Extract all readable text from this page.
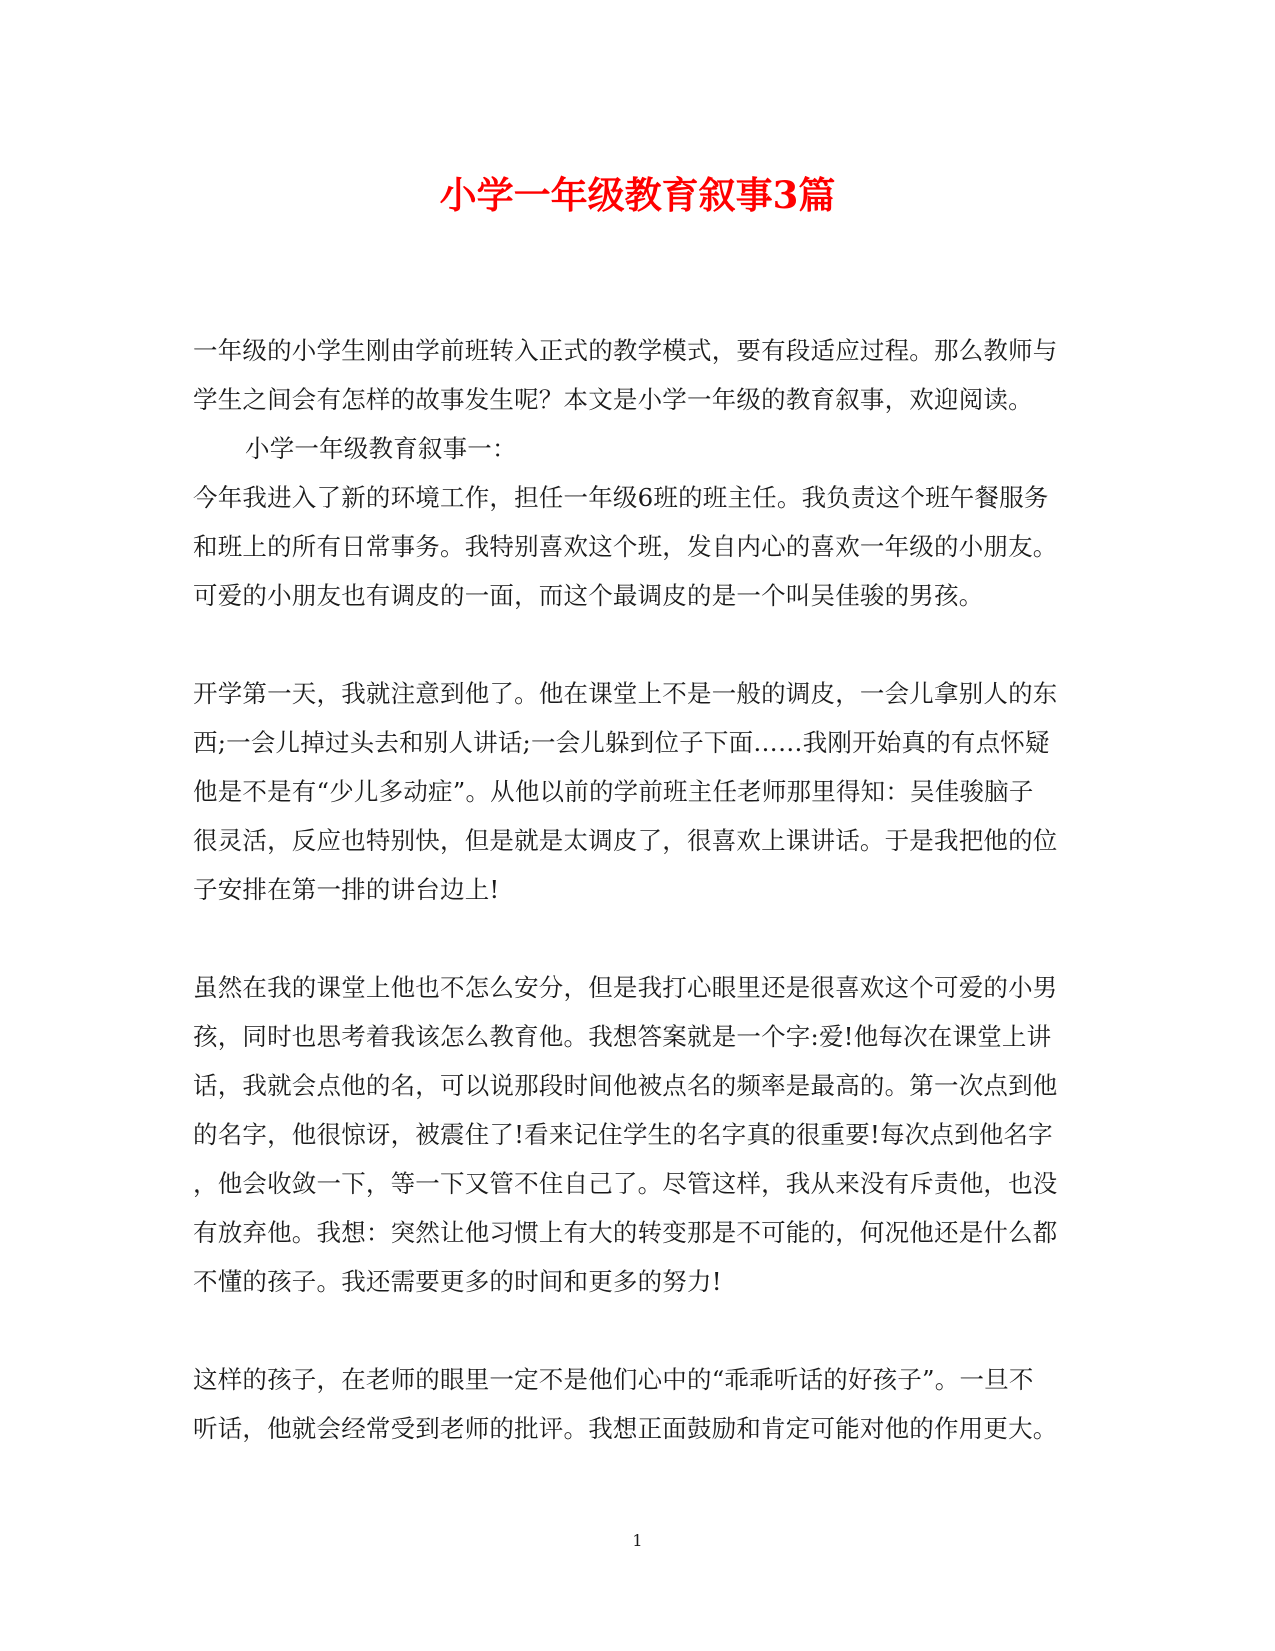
小学一年级教育叙事3篇
一年级的小学生刚由学前班转入正式的教学模式，要有段适应过程。那么教师与
学生之间会有怎样的故事发生呢？本文是小学一年级的教育叙事，欢迎阅读。
小学一年级教育叙事一：
今年我进入了新的环境工作，担任一年级6班的班主任。我负责这个班午餐服务
和班上的所有日常事务。我特别喜欢这个班，发自内心的喜欢一年级的小朋友。
可爱的小朋友也有调皮的一面，而这个最调皮的是一个叫吴佳骏的男孩。
开学第一天，我就注意到他了。他在课堂上不是一般的调皮，一会儿拿别人的东
西;一会儿掉过头去和别人讲话;一会儿躲到位子下面……我刚开始真的有点怀疑
他是不是有“少儿多动症”。从他以前的学前班主任老师那里得知：吴佳骏脑子
很灵活，反应也特别快，但是就是太调皮了，很喜欢上课讲话。于是我把他的位
子安排在第一排的讲台边上!
虽然在我的课堂上他也不怎么安分，但是我打心眼里还是很喜欢这个可爱的小男
孩，同时也思考着我该怎么教育他。我想答案就是一个字:爱!他每次在课堂上讲
话，我就会点他的名，可以说那段时间他被点名的频率是最高的。第一次点到他
的名字，他很惊讶，被震住了!看来记住学生的名字真的很重要!每次点到他名字
，他会收敛一下，等一下又管不住自己了。尽管这样，我从来没有斥责他，也没
有放弃他。我想：突然让他习惯上有大的转变那是不可能的，何况他还是什么都
不懂的孩子。我还需要更多的时间和更多的努力!
这样的孩子，在老师的眼里一定不是他们心中的“乖乖听话的好孩子”。一旦不
听话，他就会经常受到老师的批评。我想正面鼓励和肯定可能对他的作用更大。
1
